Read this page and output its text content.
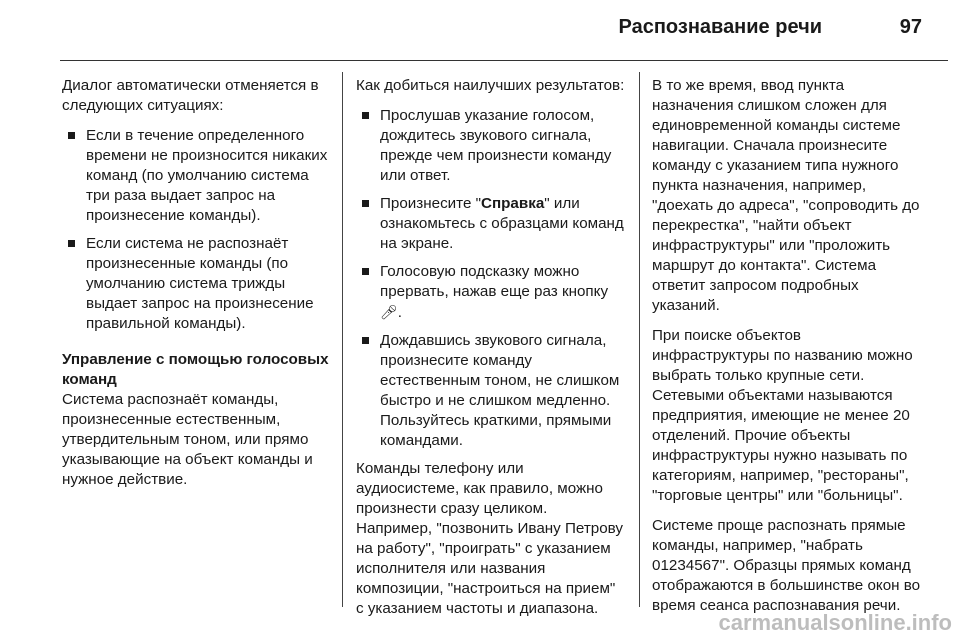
Распознавание речи	97

Диалог автоматически отменяется в следующих ситуациях:

Если в течение определенного времени не произносится никаких команд (по умолчанию система три раза выдает запрос на произнесение команды).
Если система не распознаёт произнесенные команды (по умолчанию система трижды выдает запрос на произнесение правильной команды).
Управление с помощью голосовых команд

Система распознаёт команды, произнесенные естественным, утвердительным тоном, или прямо указывающие на объект команды и нужное действие.

Как добиться наилучших результатов:

Прослушав указание голосом, дождитесь звукового сигнала, прежде чем произнести команду или ответ.
Произнесите "Справка" или ознакомьтесь с образцами команд на экране.
Голосовую подсказку можно прервать, нажав еще раз кнопку 🎤︎.
Дождавшись звукового сигнала, произнесите команду естественным тоном, не слишком быстро и не слишком медленно. Пользуйтесь краткими, прямыми командами.

Команды телефону или аудиосистеме, как правило, можно произнести сразу целиком. Например, "позвонить Ивану Петрову на работу", "проиграть" с указанием исполнителя или названия композиции, "настроиться на прием" с указанием частоты и диапазона.

В то же время, ввод пункта назначения слишком сложен для единовременной команды системе навигации. Сначала произнесите команду с указанием типа нужного пункта назначения, например, "доехать до адреса", "сопроводить до перекрестка", "найти объект инфраструктуры" или "проложить маршрут до контакта". Система ответит запросом подробных указаний.

При поиске объектов инфраструктуры по названию можно выбрать только крупные сети. Сетевыми объектами называются предприятия, имеющие не менее 20 отделений. Прочие объекты инфраструктуры нужно называть по категориям, например, "рестораны", "торговые центры" или "больницы".

Системе проще распознать прямые команды, например, "набрать 01234567". Образцы прямых команд отображаются в большинстве окон во время сеанса распознавания речи.

carmanualsonline.info
